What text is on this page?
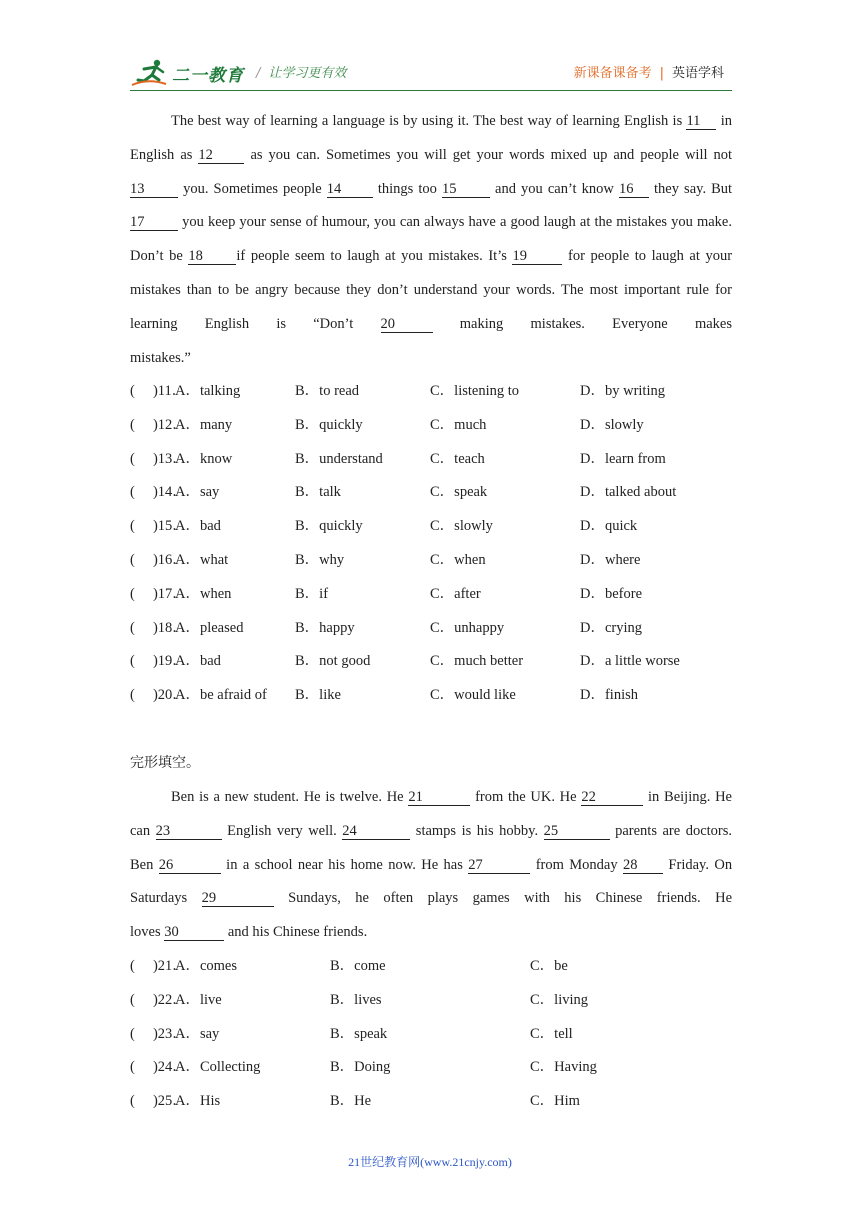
二一教育 / 让学习更有效	新课备课备考 | 英语学科
The best way of learning a language is by using it. The best way of learning English is 11 in English as 12	as you can. Sometimes you will get your words mixed up and people will not 13	you. Sometimes people 14	things too 15	and you can’t know 16 they say. But 17	you keep your sense of humour, you can always have a good laugh at the mistakes you make. Don’t be 18 if people seem to laugh at you mistakes. It’s 19	for people to laugh at your mistakes than to be angry because they don’t understand your words. The most important rule for learning English is “Don’t 20	making mistakes. Everyone makes
mistakes.”
(　 )11．
A．talking	B．to read	C．listening to	D．by writing
(　 )12．
A．many	B．quickly	C．much	D．slowly
(　 )13．
A．know	B．understand	C．teach	D．learn from
(　 )14．
A．say	B．talk	C．speak	D．talked about
(　 )15．
A．bad	B．quickly	C．slowly	D．quick
(　 )16．
A．what	B．why	C．when	D．where
(　 )17．
A．when	B．if	C．after	D．before
(　 )18．
A．pleased	B．happy	C．unhappy	D．crying
(　 )19．
A．bad	B．not good	C．much better	D．a little worse
(　 )20．
A．be afraid of B．like	C．would like	D．finish
完形填空。
Ben is a new student. He is twelve. He 21	from the UK. He 22	in Beijing. He can 23	English very well. 24	stamps is his hobby. 25	parents are doctors. Ben 26	in a school near his home now. He has 27	from Monday 28 Friday. On Saturdays 29	Sundays, he often plays games with his Chinese friends. He
loves 30	and his Chinese friends.
(　 )21．
A．comes	B．come	C．be
(　 )22．
A．live	B．lives	C．living
(　 )23．
A．say	B．speak	C．tell
(　 )24．
A．Collecting	B．Doing	C．Having
(　 )25．
A．His	B．He	C．Him
21世纪教育网(www.21cnjy.com)
